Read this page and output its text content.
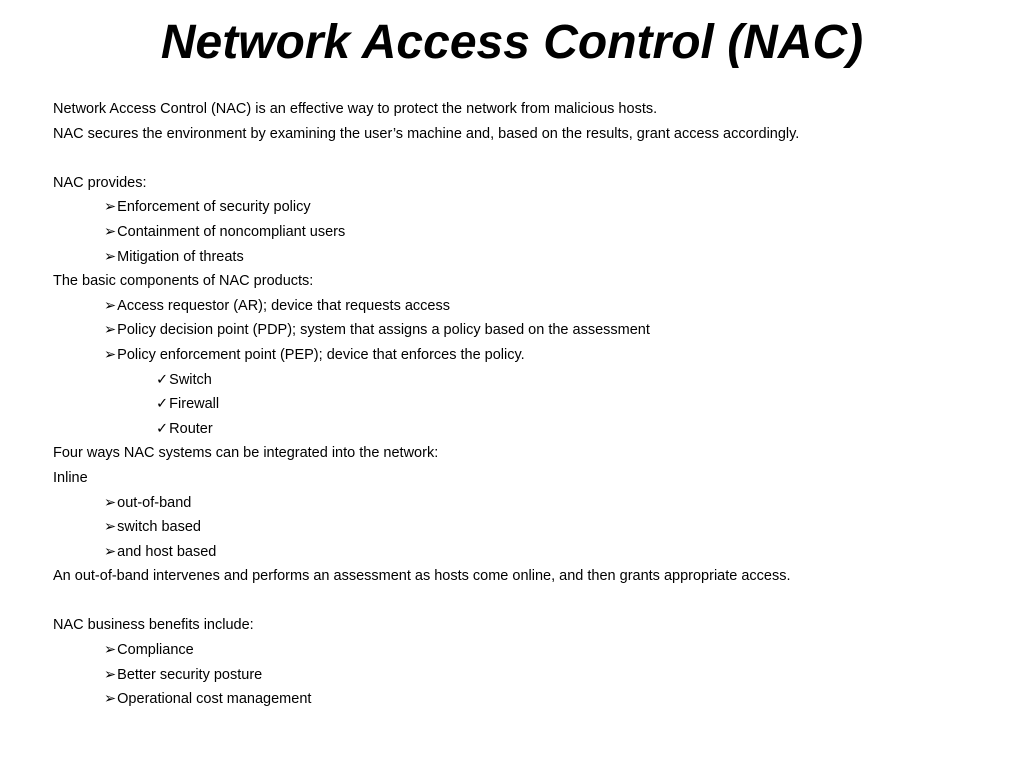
Network Access Control (NAC)

Network Access Control (NAC) is an effective way to protect the network from malicious hosts.

NAC secures the environment by examining the user’s machine and, based on the results, grant access accordingly.

NAC provides:

➢Enforcement of security policy

➢Containment of noncompliant users

➢Mitigation of threats

The basic components of NAC products:

➢Access requestor (AR); device that requests access

➢Policy decision point (PDP); system that assigns a policy based on the assessment

➢Policy enforcement point (PEP); device that enforces the policy.

✓Switch

✓Firewall

✓Router

Four ways NAC systems can be integrated into the network:

Inline

➢out-of-band

➢switch based

➢and host based

An out-of-band intervenes and performs an assessment as hosts come online, and then grants appropriate access.

NAC business benefits include:

➢Compliance

➢Better security posture

➢Operational cost management
